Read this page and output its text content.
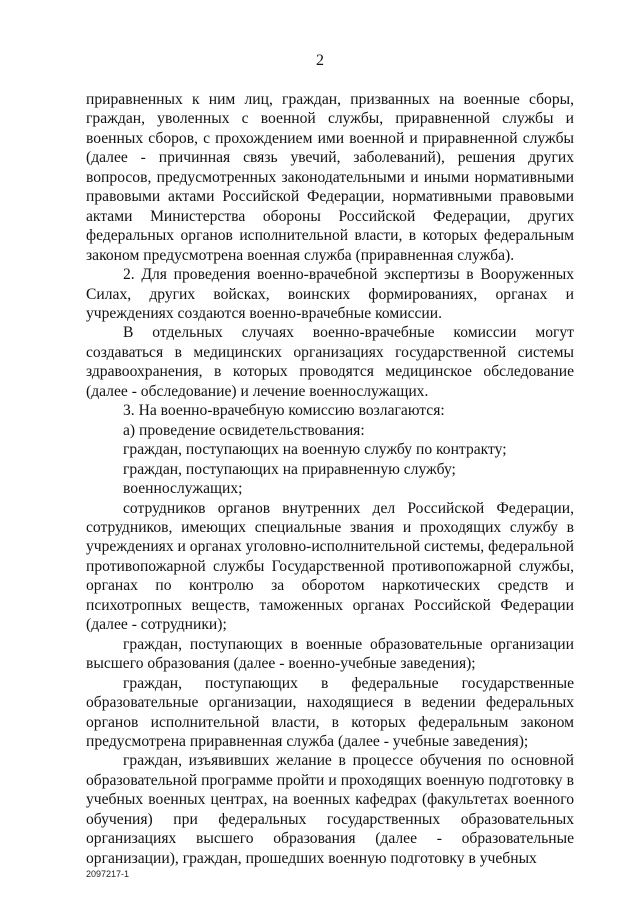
2

приравненных к ним лиц, граждан, призванных на военные сборы, граждан, уволенных с военной службы, приравненной службы и военных сборов, с прохождением ими военной и приравненной службы (далее - причинная связь увечий, заболеваний), решения других вопросов, предусмотренных законодательными и иными нормативными правовыми актами Российской Федерации, нормативными правовыми актами Министерства обороны Российской Федерации, других федеральных органов исполнительной власти, в которых федеральным законом предусмотрена военная служба (приравненная служба).

2. Для проведения военно-врачебной экспертизы в Вооруженных Силах, других войсках, воинских формированиях, органах и учреждениях создаются военно-врачебные комиссии.

В отдельных случаях военно-врачебные комиссии могут создаваться в медицинских организациях государственной системы здравоохранения, в которых проводятся медицинское обследование (далее - обследование) и лечение военнослужащих.

3. На военно-врачебную комиссию возлагаются:

а) проведение освидетельствования:

граждан, поступающих на военную службу по контракту;

граждан, поступающих на приравненную службу;

военнослужащих;

сотрудников органов внутренних дел Российской Федерации, сотрудников, имеющих специальные звания и проходящих службу в учреждениях и органах уголовно-исполнительной системы, федеральной противопожарной службы Государственной противопожарной службы, органах по контролю за оборотом наркотических средств и психотропных веществ, таможенных органах Российской Федерации (далее - сотрудники);

граждан, поступающих в военные образовательные организации высшего образования (далее - военно-учебные заведения);

граждан, поступающих в федеральные государственные образовательные организации, находящиеся в ведении федеральных органов исполнительной власти, в которых федеральным законом предусмотрена приравненная служба (далее - учебные заведения);

граждан, изъявивших желание в процессе обучения по основной образовательной программе пройти и проходящих военную подготовку в учебных военных центрах, на военных кафедрах (факультетах военного обучения) при федеральных государственных образовательных организациях высшего образования (далее - образовательные организации), граждан, прошедших военную подготовку в учебных

2097217-1
